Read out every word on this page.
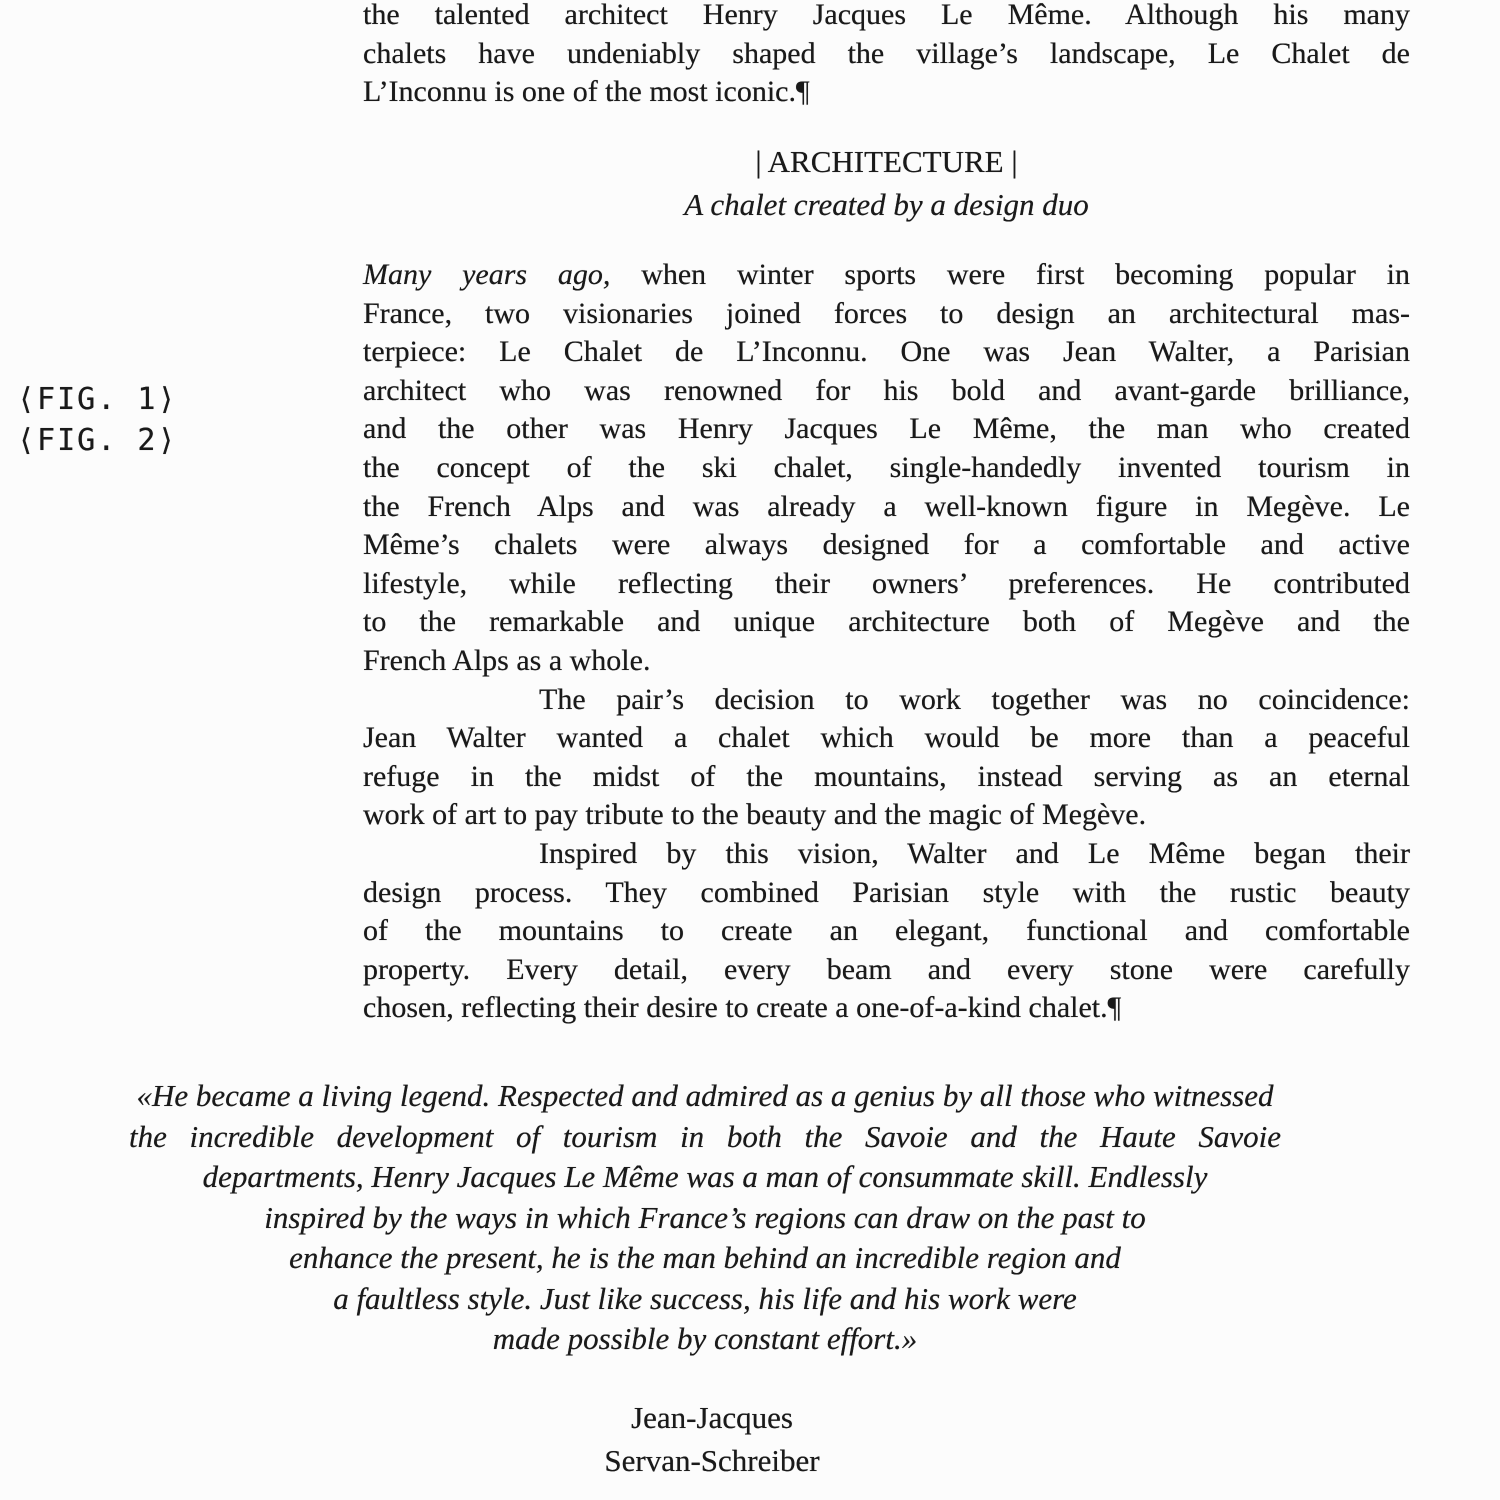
the talented architect Henry Jacques Le Même. Although his many
chalets have undeniably shaped the village’s landscape, Le Chalet de
L’Inconnu is one of the most iconic.¶
| ARCHITECTURE |
A chalet created by a design duo

⟨FIG. 1⟩
⟨FIG. 2⟩
Many years ago, when winter sports were first becoming popular in
France, two visionaries joined forces to design an architectural mas-
terpiece: Le Chalet de L’Inconnu. One was Jean Walter, a Parisian
architect who was renowned for his bold and avant-garde brilliance,
and the other was Henry Jacques Le Même, the man who created
the concept of the ski chalet, single-handedly invented tourism in
the French Alps and was already a well-known figure in Megève. Le
Même’s chalets were always designed for a comfortable and active
lifestyle, while reflecting their owners’ preferences. He contributed
to the remarkable and unique architecture both of Megève and the
French Alps as a whole.
The pair’s decision to work together was no coincidence:
Jean Walter wanted a chalet which would be more than a peaceful
refuge in the midst of the mountains, instead serving as an eternal
work of art to pay tribute to the beauty and the magic of Megève.
Inspired by this vision, Walter and Le Même began their
design process. They combined Parisian style with the rustic beauty
of the mountains to create an elegant, functional and comfortable
property. Every detail, every beam and every stone were carefully
chosen, reflecting their desire to create a one-of-a-kind chalet.¶
«He became a living legend. Respected and admired as a genius by all those who witnessed
the incredible development of tourism in both the Savoie and the Haute Savoie
departments, Henry Jacques Le Même was a man of consummate skill. Endlessly
inspired by the ways in which France’s regions can draw on the past to
enhance the present, he is the man behind an incredible region and
a faultless style. Just like success, his life and his work were
made possible by constant effort.»
Jean-Jacques
Servan-Schreiber
